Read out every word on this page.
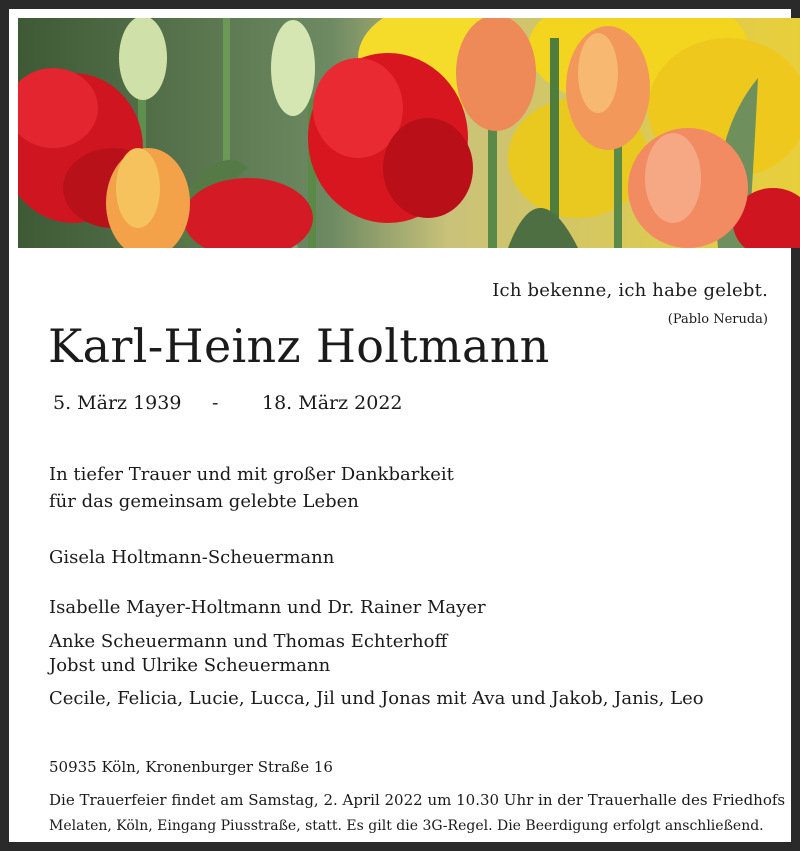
Ich bekenne, ich habe gelebt.
(Pablo Neruda)
Karl-Heinz Holtmann
5. März 1939 - 18. März 2022
In tiefer Trauer und mit großer Dankbarkeit
für das gemeinsam gelebte Leben
Gisela Holtmann-Scheuermann
Isabelle Mayer-Holtmann und Dr. Rainer Mayer
Anke Scheuermann und Thomas Echterhoff
Jobst und Ulrike Scheuermann
Cecile, Felicia, Lucie, Lucca, Jil und Jonas mit Ava und Jakob, Janis, Leo
50935 Köln, Kronenburger Straße 16
Die Trauerfeier findet am Samstag, 2. April 2022 um 10.30 Uhr in der Trauerhalle des Friedhofs
Melaten, Köln, Eingang Piusstraße, statt. Es gilt die 3G-Regel. Die Beerdigung erfolgt anschließend.
